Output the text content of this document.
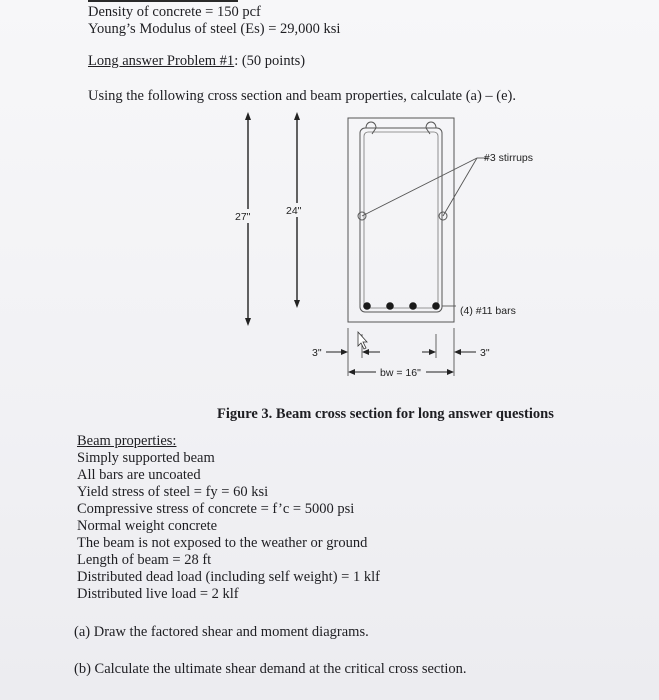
Density of concrete = 150 pcf
Young’s Modulus of steel (Es) = 29,000 ksi
Long answer Problem #1: (50 points)
Using the following cross section and beam properties, calculate (a) – (e).
27"	24"
#3 stirrups
(4) #11 bars
3"	3"
bw = 16"
Figure 3. Beam cross section for long answer questions
Beam properties:
Simply supported beam
All bars are uncoated
Yield stress of steel = fy = 60 ksi
Compressive stress of concrete = f’c = 5000 psi
Normal weight concrete
The beam is not exposed to the weather or ground
Length of beam = 28 ft
Distributed dead load (including self weight) = 1 klf
Distributed live load = 2 klf
(a) Draw the factored shear and moment diagrams.
(b) Calculate the ultimate shear demand at the critical cross section.
